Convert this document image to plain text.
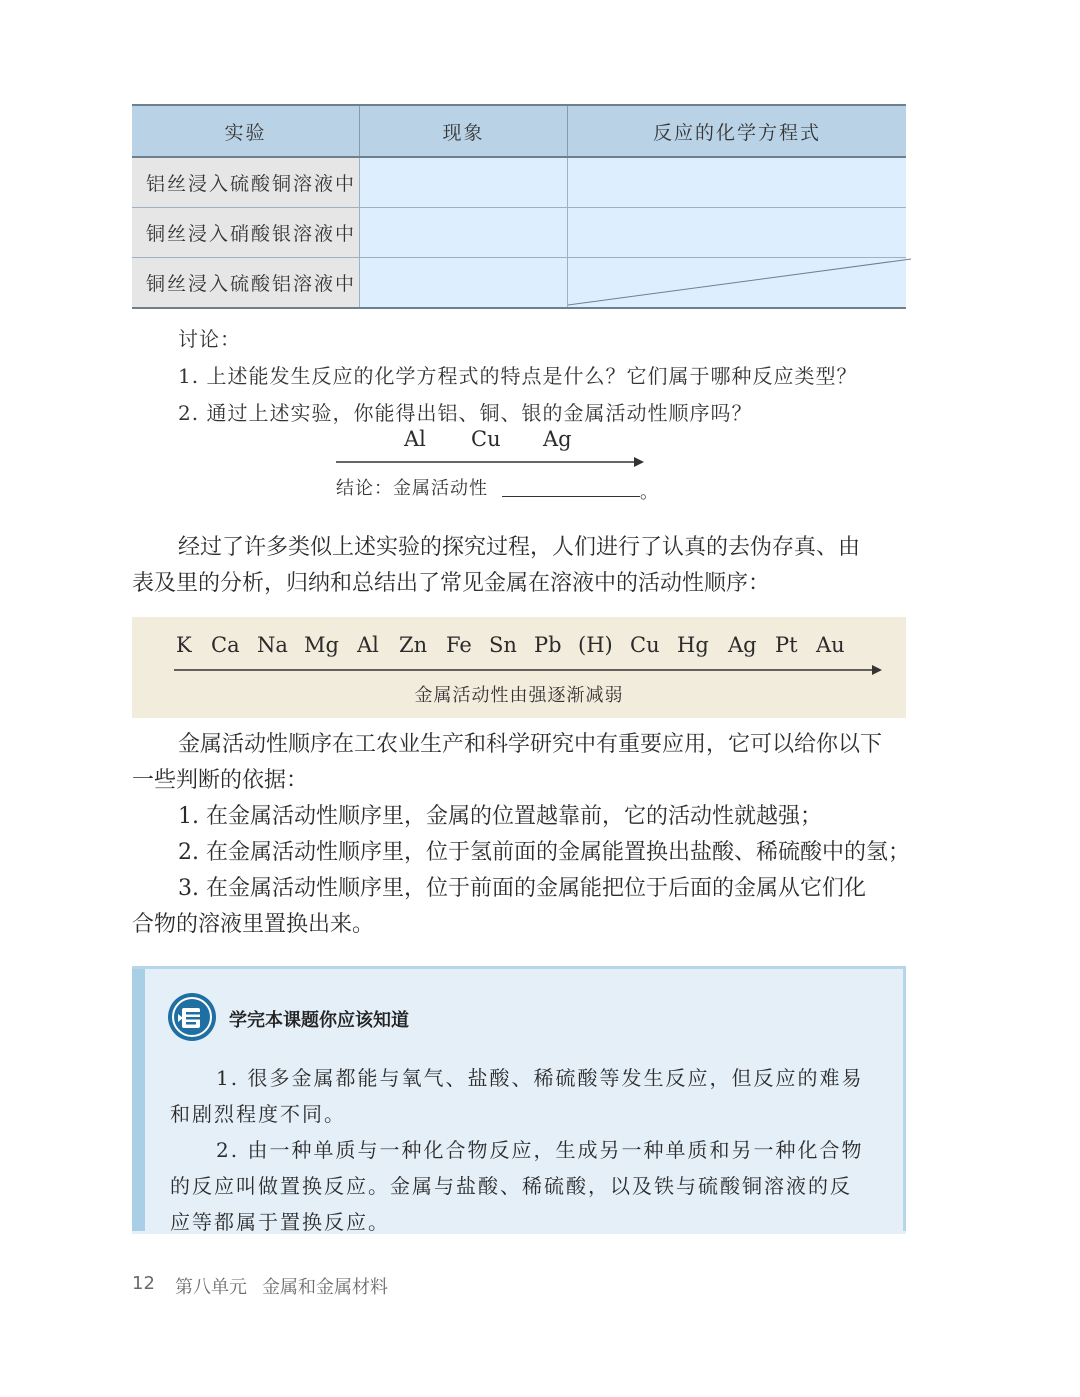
实验	现象	反应的化学方程式
铝丝浸入硫酸铜溶液中		
铜丝浸入硝酸银溶液中		
铜丝浸入硫酸铝溶液中		
讨论：
1. 上述能发生反应的化学方程式的特点是什么？它们属于哪种反应类型？
2. 通过上述实验，你能得出铝、铜、银的金属活动性顺序吗？
Al Cu Ag
结论：金属活动性	。
经过了许多类似上述实验的探究过程，人们进行了认真的去伪存真、由
表及里的分析，归纳和总结出了常见金属在溶液中的活动性顺序：
K Ca Na Mg Al Zn Fe Sn Pb (H) Cu Hg Ag Pt Au
金属活动性由强逐渐减弱
金属活动性顺序在工农业生产和科学研究中有重要应用，它可以给你以下
一些判断的依据：
1. 在金属活动性顺序里，金属的位置越靠前，它的活动性就越强；
2. 在金属活动性顺序里，位于氢前面的金属能置换出盐酸、稀硫酸中的氢；
3. 在金属活动性顺序里，位于前面的金属能把位于后面的金属从它们化
合物的溶液里置换出来。
学完本课题你应该知道
1. 很多金属都能与氧气、盐酸、稀硫酸等发生反应，但反应的难易
和剧烈程度不同。
2. 由一种单质与一种化合物反应，生成另一种单质和另一种化合物
的反应叫做置换反应。金属与盐酸、稀硫酸，以及铁与硫酸铜溶液的反
应等都属于置换反应。
12 第八单元 金属和金属材料
